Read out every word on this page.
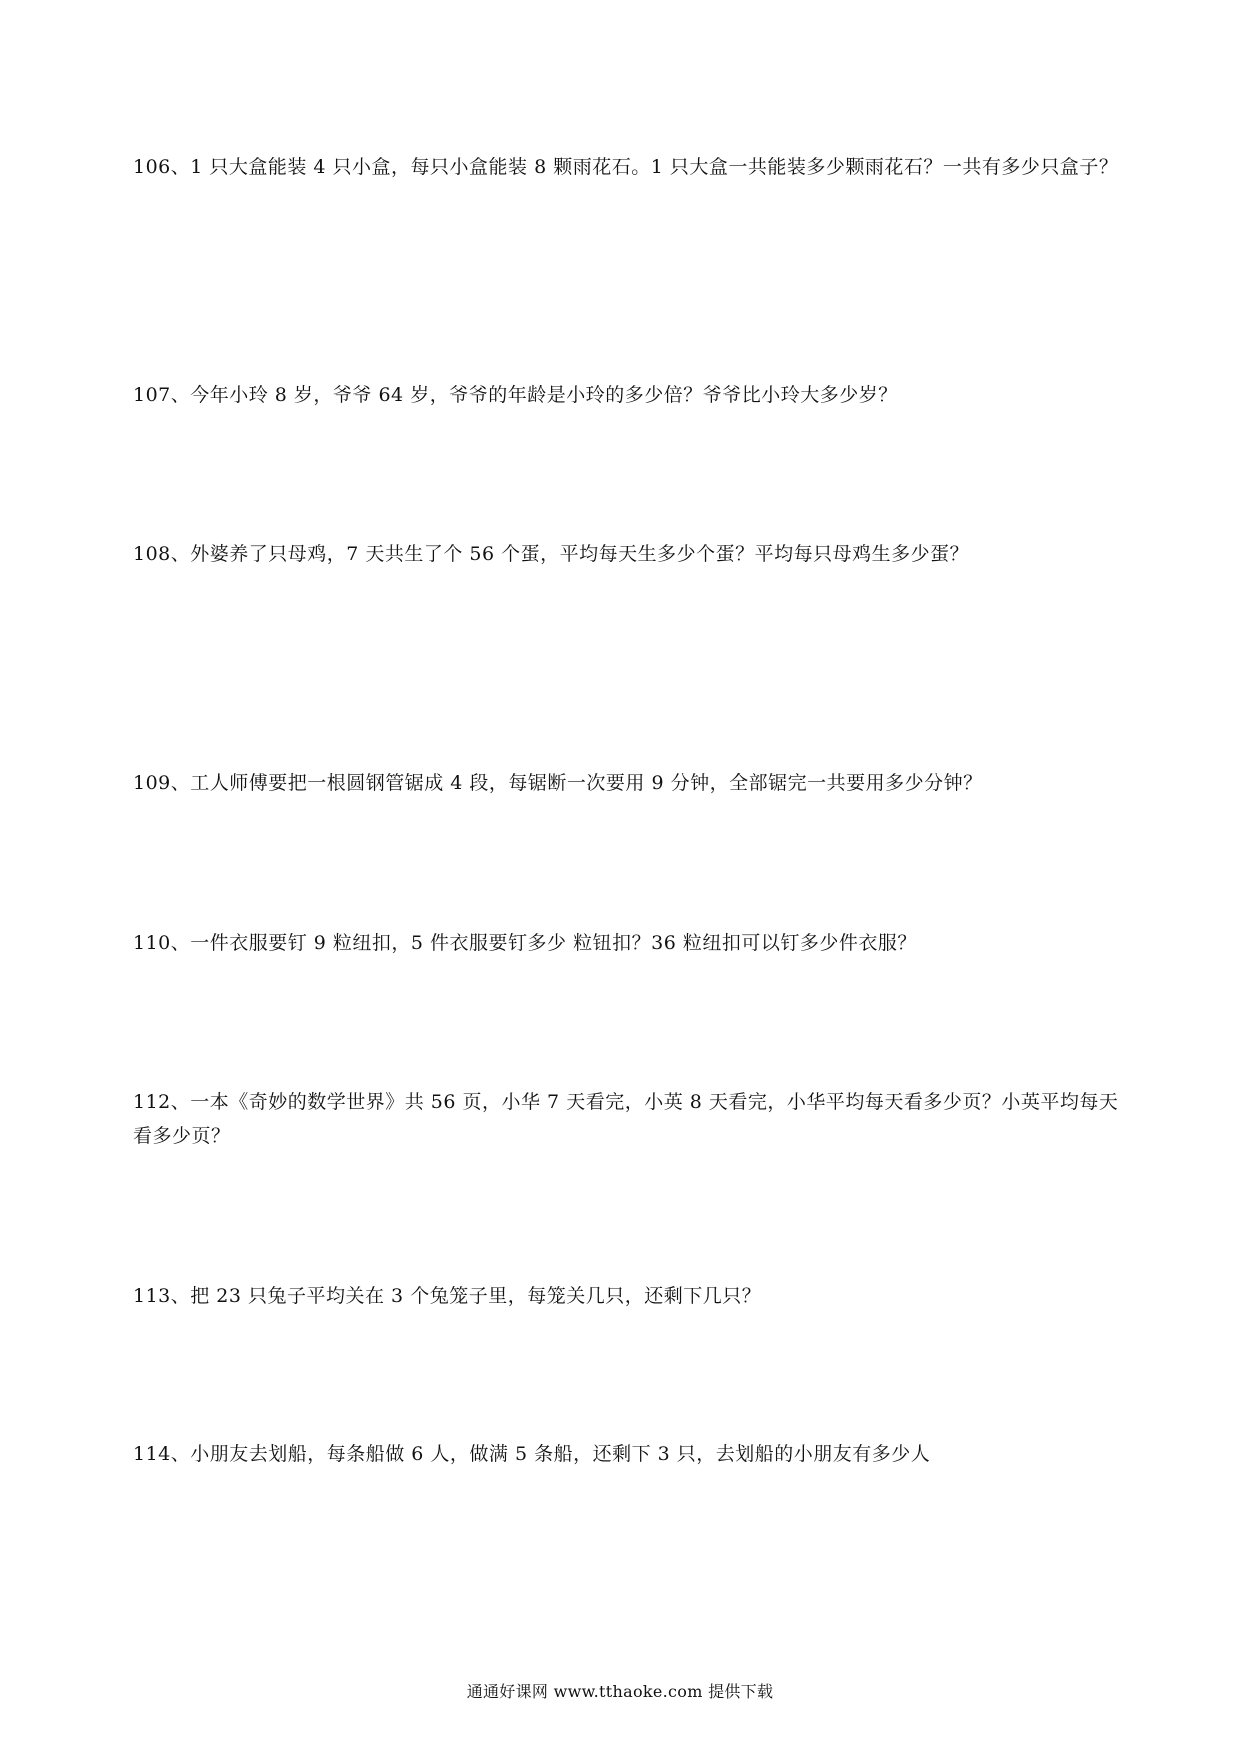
106、1 只大盒能装 4 只小盒，每只小盒能装 8 颗雨花石。1 只大盒一共能装多少颗雨花石？一共有多少只盒子？

107、今年小玲 8 岁，爷爷 64 岁，爷爷的年龄是小玲的多少倍？爷爷比小玲大多少岁？

108、外婆养了只母鸡，7 天共生了个 56 个蛋，平均每天生多少个蛋？平均每只母鸡生多少蛋？

109、工人师傅要把一根圆钢管锯成 4 段，每锯断一次要用 9 分钟，全部锯完一共要用多少分钟？

110、一件衣服要钉 9 粒纽扣，5 件衣服要钉多少 粒钮扣？36 粒纽扣可以钉多少件衣服？

112、一本《奇妙的数学世界》共 56 页，小华 7 天看完，小英 8 天看完，小华平均每天看多少页？小英平均每天看多少页？

113、把 23 只兔子平均关在 3 个兔笼子里，每笼关几只，还剩下几只？

114、小朋友去划船，每条船做 6 人，做满 5 条船，还剩下 3 只，去划船的小朋友有多少人

通通好课网 www.tthaoke.com 提供下载
